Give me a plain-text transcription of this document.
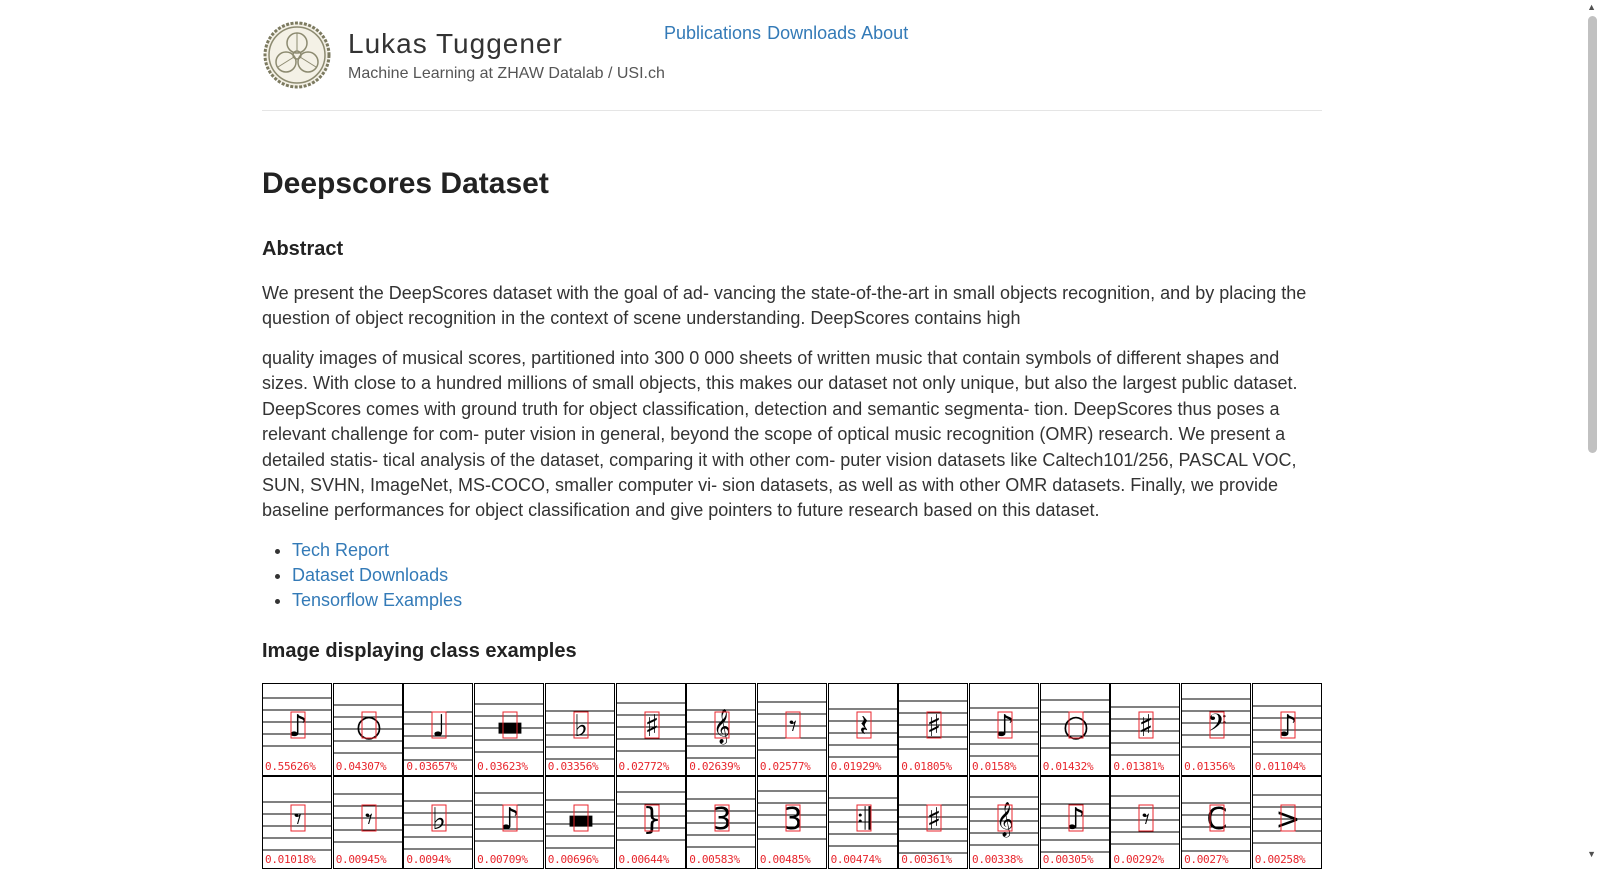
Lukas Tuggener
Machine Learning at ZHAW Datalab / USI.ch
Publications Downloads About
Deepscores Dataset
Abstract

We present the DeepScores dataset with the goal of ad- vancing the state-of-the-art in small objects recognition, and by placing the question of object recognition in the context of scene understanding. DeepScores contains high

quality images of musical scores, partitioned into 300 0 000 sheets of written music that contain symbols of different shapes and sizes. With close to a hundred millions of small objects, this makes our dataset not only unique, but also the largest public dataset. DeepScores comes with ground truth for object classification, detection and semantic segmenta- tion. DeepScores thus poses a relevant challenge for com- puter vision in general, beyond the scope of optical music recognition (OMR) research. We present a detailed statis- tical analysis of the dataset, comparing it with other com- puter vision datasets like Caltech101/256, PASCAL VOC, SUN, SVHN, ImageNet, MS-COCO, smaller computer vi- sion datasets, as well as with other OMR datasets. Finally, we provide baseline performances for object classification and give pointers to future research based on this dataset.

• Tech Report
• Dataset Downloads
• Tensorflow Examples
Image displaying class examples
♪
0.55626%
○
0.04307%
♩
0.03657%
▬
0.03623%
♭
0.03356%
♯
0.02772%
𝄞
0.02639%
𝄾
0.02577%
𝄽
0.01929%
♯
0.01805%
♪
0.0158%
○
0.01432%
♯
0.01381%
𝄢
0.01356%
♪
0.01104%
𝄾
0.01018%
𝄾
0.00945%
♭
0.0094%
♪
0.00709%
▬
0.00696%
}
0.00644%
3
0.00583%
3
0.00485%
𝄇
0.00474%
♯
0.00361%
𝄞
0.00338%
♪
0.00305%
𝄾
0.00292%
C
0.0027%
>
0.00258%
▲
▼
